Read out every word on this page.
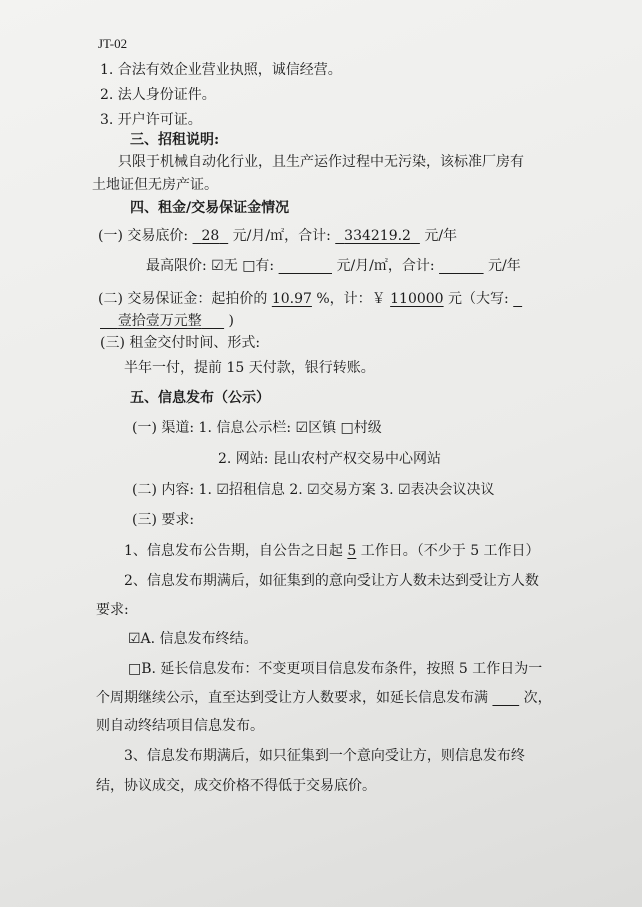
JT-02
1. 合法有效企业营业执照，诚信经营。
2. 法人身份证件。
3. 开户许可证。
三、招租说明:
只限于机械自动化行业，且生产运作过程中无污染，该标准厂房有
土地证但无房产证。
四、租金/交易保证金情况
(一) 交易底价: 28 元/月/㎡，合计: 334219.2 元/年
最高限价: ☑无 □有:	元/月/㎡，合计:	元/年
(二) 交易保证金：起拍价的 10.97 %，计：￥ 110000 元（大写:
壹拾壹万元整 )
(三) 租金交付时间、形式:
半年一付，提前 15 天付款，银行转账。
五、信息发布（公示）
(一) 渠道: 1. 信息公示栏: ☑区镇 □村级
2. 网站: 昆山农村产权交易中心网站
(二) 内容: 1. ☑招租信息 2. ☑交易方案 3. ☑表决会议决议
(三) 要求:
1、信息发布公告期，自公告之日起 5 工作日。（不少于 5 工作日）
2、信息发布期满后，如征集到的意向受让方人数未达到受让方人数
要求:
☑A. 信息发布终结。
□B. 延长信息发布：不变更项目信息发布条件，按照 5 工作日为一
个周期继续公示，直至达到受让方人数要求，如延长信息发布满	次，
则自动终结项目信息发布。
3、信息发布期满后，如只征集到一个意向受让方，则信息发布终
结，协议成交，成交价格不得低于交易底价。
